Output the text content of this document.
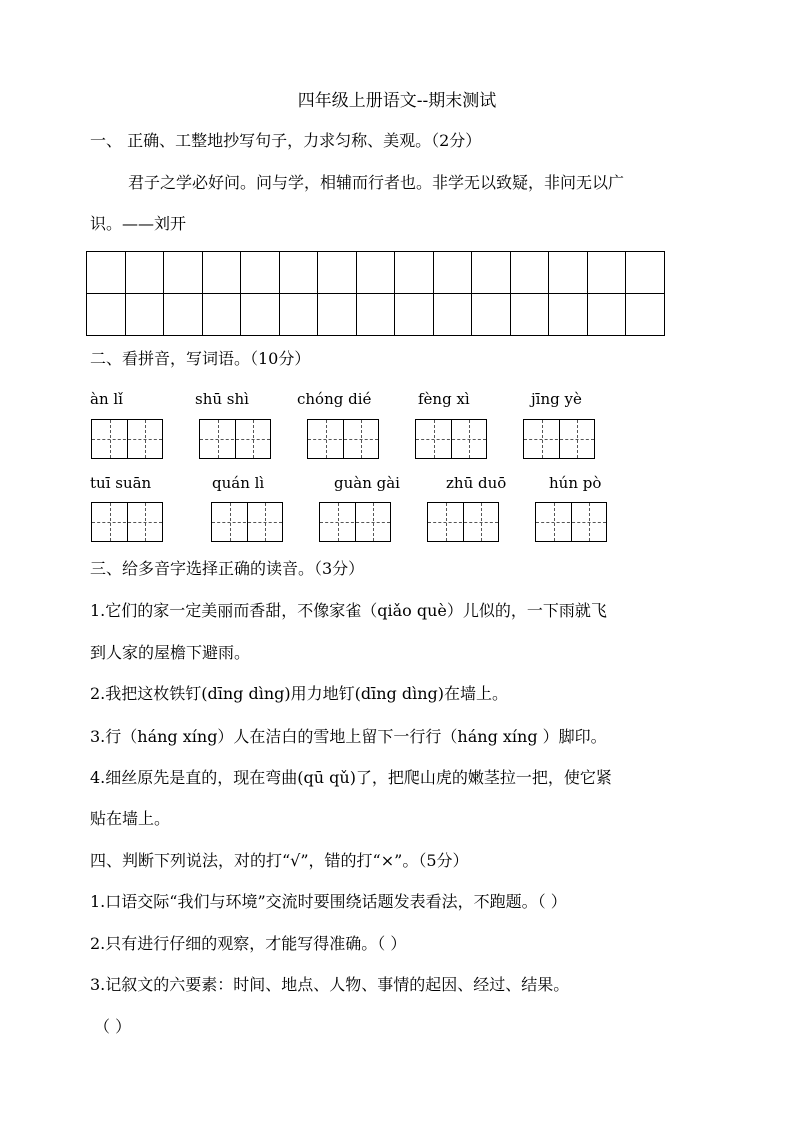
四年级上册语文--期末测试
一、 正确、工整地抄写句子，力求匀称、美观。（2分）
君子之学必好问。问与学，相辅而行者也。非学无以致疑，非问无以广
识。——刘开

二、看拼音，写词语。（10分）
àn lǐ	shū shì	chóng dié	fèng xì	jīng yè
tuī suān	quán lì	guàn gài	zhū duō	hún pò
三、给多音字选择正确的读音。（3分）
1.它们的家一定美丽而香甜，不像家雀（qiǎo què）儿似的，一下雨就飞
到人家的屋檐下避雨。
2.我把这枚铁钉(dīng dìng)用力地钉(dīng dìng)在墙上。
3.行（háng xíng）人在洁白的雪地上留下一行行（háng xíng ）脚印。
4.细丝原先是直的，现在弯曲(qū qǔ)了，把爬山虎的嫩茎拉一把，使它紧
贴在墙上。
四、判断下列说法，对的打“√”，错的打“×”。（5分）
1.口语交际“我们与环境”交流时要围绕话题发表看法，不跑题。（ ）
2.只有进行仔细的观察，才能写得准确。（ ）
3.记叙文的六要素：时间、地点、人物、事情的起因、经过、结果。
（ ）
